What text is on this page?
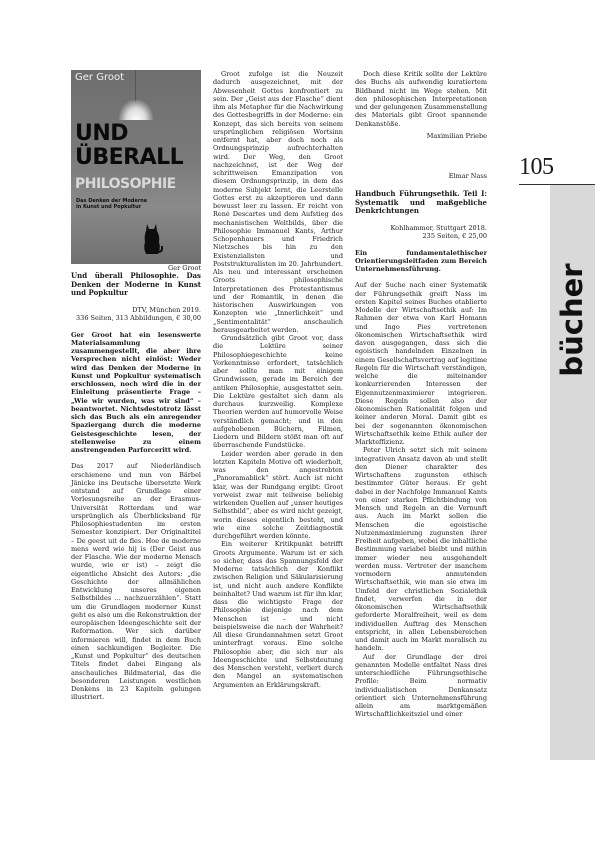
Ger Groot
UND
ÜBERALL
PHILOSOPHIE
Das Denken der Moderne
in Kunst und Popkultur

Ger Groot

Und überall Philosophie. Das Denken der Moderne in Kunst und Popkultur

DTV, München 2019.

336 Seiten, 313 Abbildungen, € 30,00

Ger Groot hat ein lesenswerte Materialsammlung zusammengestellt, die aber ihre Versprechen nicht einlöst: Weder wird das Denken der Moderne in Kunst und Popkultur systematisch erschlossen, noch wird die in der Einleitung präsentierte Frage – „Wie wir wurden, was wir sind“ – beantwortet. Nichtsdestotrotz lässt sich das Buch als ein anregender Spaziergang durch die moderne Geistesgeschichte lesen, der stellenweise zu einem anstrengenden Parforceritt wird.

Das 2017 auf Niederländisch erschienene und nun von Bärbel Jänicke ins Deutsche übersetzte Werk entstand auf Grundlage einer Vorlesungsreihe an der Erasmus-Universität Rotterdam und war ursprünglich als Überblicksband für Philosophiestudenten im ersten Semester konzipiert. Der Originaltitel – De geest uit de fles. Hoe de moderne mens werd wie hij is (Der Geist aus der Flasche. Wie der moderne Mensch wurde, wie er ist) – zeigt die eigentliche Absicht des Autors: „die Geschichte der allmählichen Entwicklung unseres eigenen Selbstbildes … nachzuerzählen“. Statt um die Grundlagen moderner Kunst geht es also um die Rekonstruktion der europäischen Ideengeschichte seit der Reformation. Wer sich darüber informieren will, findet in dem Buch einen sachkundigen Begleiter. Die „Kunst und Popkultur“ des deutschen Titels findet dabei Eingang als anschauliches Bildmaterial, das die besonderen Leistungen westlichen Denkens in 23 Kapiteln gelungen illustriert.

Groot zufolge ist die Neuzeit dadurch ausgezeichnet, mit der Abwesenheit Gottes konfrontiert zu sein. Der „Geist aus der Flasche“ dient ihm als Metapher für die Nachwirkung des Gottesbegriffs in der Moderne: ein Konzept, das sich bereits von seinem ursprünglichen religiösen Wortsinn entfernt hat, aber doch noch als Ordnungsprinzip aufrechterhalten wird. Der Weg, den Groot nachzeichnet, ist der Weg der schrittweisen Emanzipation von diesem Ordnungsprinzip, in dem das moderne Subjekt lernt, die Leerstelle Gottes erst zu akzeptieren und dann bewusst leer zu lassen. Er reicht von René Descartes und dem Aufstieg des mechanistischen Weltbilds, über die Philosophie Immanuel Kants, Arthur Schopenhauers und Friedrich Nietzsches bis hin zu den Existenzialisten und Poststrukturalisten im 20. Jahrhundert. Als neu und interessant erscheinen Groots philosophische Interpretationen des Protestantismus und der Romantik, in denen die historischen Auswirkungen von Konzepten wie „Innerlichkeit“ und „Sentimentalität“ anschaulich herausgearbeitet werden.

Grundsätzlich gibt Groot vor, dass die Lektüre seiner Philosophiegeschichte keine Vorkenntnisse erfordert, tatsächlich aber sollte man mit einigem Grundwissen, gerade im Bereich der antiken Philosophie, ausgestattet sein. Die Lektüre gestaltet sich dann als durchaus kurzweilig. Komplexe Theorien werden auf humorvolle Weise verständlich gemacht; und in den aufgehobenen Büchern, Filmen, Liedern und Bildern stößt man oft auf überraschende Fundstücke.

Leider werden aber gerade in den letzten Kapiteln Motive oft wiederholt, was den angestrebten „Panoramablick“ stört. Auch ist nicht klar, was der Rundgang ergibt: Groot verweist zwar mit teilweise beliebig wirkenden Quellen auf „unser heutiges Selbstbild“, aber es wird nicht gezeigt, worin dieses eigentlich besteht, und wie eine solche Zeitdiagnostik durchgeführt werden könnte.

Ein weiterer Kritikpunkt betrifft Groots Argumente. Warum ist er sich so sicher, dass das Spannungsfeld der Moderne tatsächlich der Konflikt zwischen Religion und Säkularisierung ist, und nicht auch andere Konflikte beinhaltet? Und warum ist für ihn klar, dass die wichtigste Frage der Philosophie diejenige nach dem Menschen ist – und nicht beispielsweise die nach der Wahrheit? All diese Grundannahmen setzt Groot uninterfragt voraus. Eine solche Philosophie aber, die sich nur als Ideengeschichte und Selbstdeutung des Menschen versteht, verliert durch den Mangel an systematischen Argumenten an Erklärungskraft.

Doch diese Kritik sollte der Lektüre des Buchs als aufwendig kuratiertem Bildband nicht im Wege stehen. Mit den philosophischen Interpretationen und der gelungenen Zusammenstellung des Materials gibt Groot spannende Denkanstöße.

Maximilian Priebe

Elmar Nass

Handbuch Führungsethik. Teil I: Systematik und maßgebliche Denkrichtungen

Kohlhammer, Stuttgart 2018.

235 Seiten, € 25,00

Ein fundamentalethischer Orientierungsleitfaden zum Bereich Unternehmensführung.

Auf der Suche nach einer Systematik der Führungsethik greift Nass im ersten Kapitel seines Buches etablierte Modelle der Wirtschaftsethik auf: Im Rahmen der etwa von Karl Homann und Ingo Pies vertretenen ökonomischen Wirtschaftsethik wird davon ausgegangen, dass sich die egoistisch handelnden Einzelnen in einem Gesellschaftsvertrag auf legitime Regeln für die Wirtschaft verständigen, welche die miteinander konkurrierenden Interessen der Eigennutzenmaximierer integrieren. Diese Regeln sollen also der ökonomischen Rationalität folgen und keiner anderen Moral. Damit gibt es bei der sogenannten ökonomischen Wirtschaftsethik keine Ethik außer der Marktefﬁzienz.

Peter Ulrich setzt sich mit seinem integrativen Ansatz davon ab und stellt den Diener charakter des Wirtschaftens zugunsten ethisch bestimmter Güter heraus. Er geht dabei in der Nachfolge Immanuel Kants von einer starken Pflichtbindung von Mensch und Regeln an die Vernunft aus. Auch im Markt sollen die Menschen die egoistische Nutzenmaximierung zugunsten ihrer Freiheit aufgeben, wobei die inhaltliche Bestimmung variabel bleibt und mithin immer wieder neu ausgehandelt werden muss. Vertreter der manchem vormodern anmutenden Wirtschaftsethik, wie man sie etwa im Umfeld der christlichen Sozialethik findet, verwerfen die in der ökonomischen Wirtschaftsethik geforderte Moralfreiheit, weil es dem individuellen Auftrag des Menschen entspricht, in allen Lebensbereichen und damit auch im Markt moralisch zu handeln.

Auf der Grundlage der drei genannten Modelle entfaltet Nass drei unterschiedliche Führungsethische Profile: Beim normativ individualistischen Denkansatz orientiert sich Unternehmensführung allein am marktgemäßen Wirtschaftlichkeitsziel und einer

105
bücher
